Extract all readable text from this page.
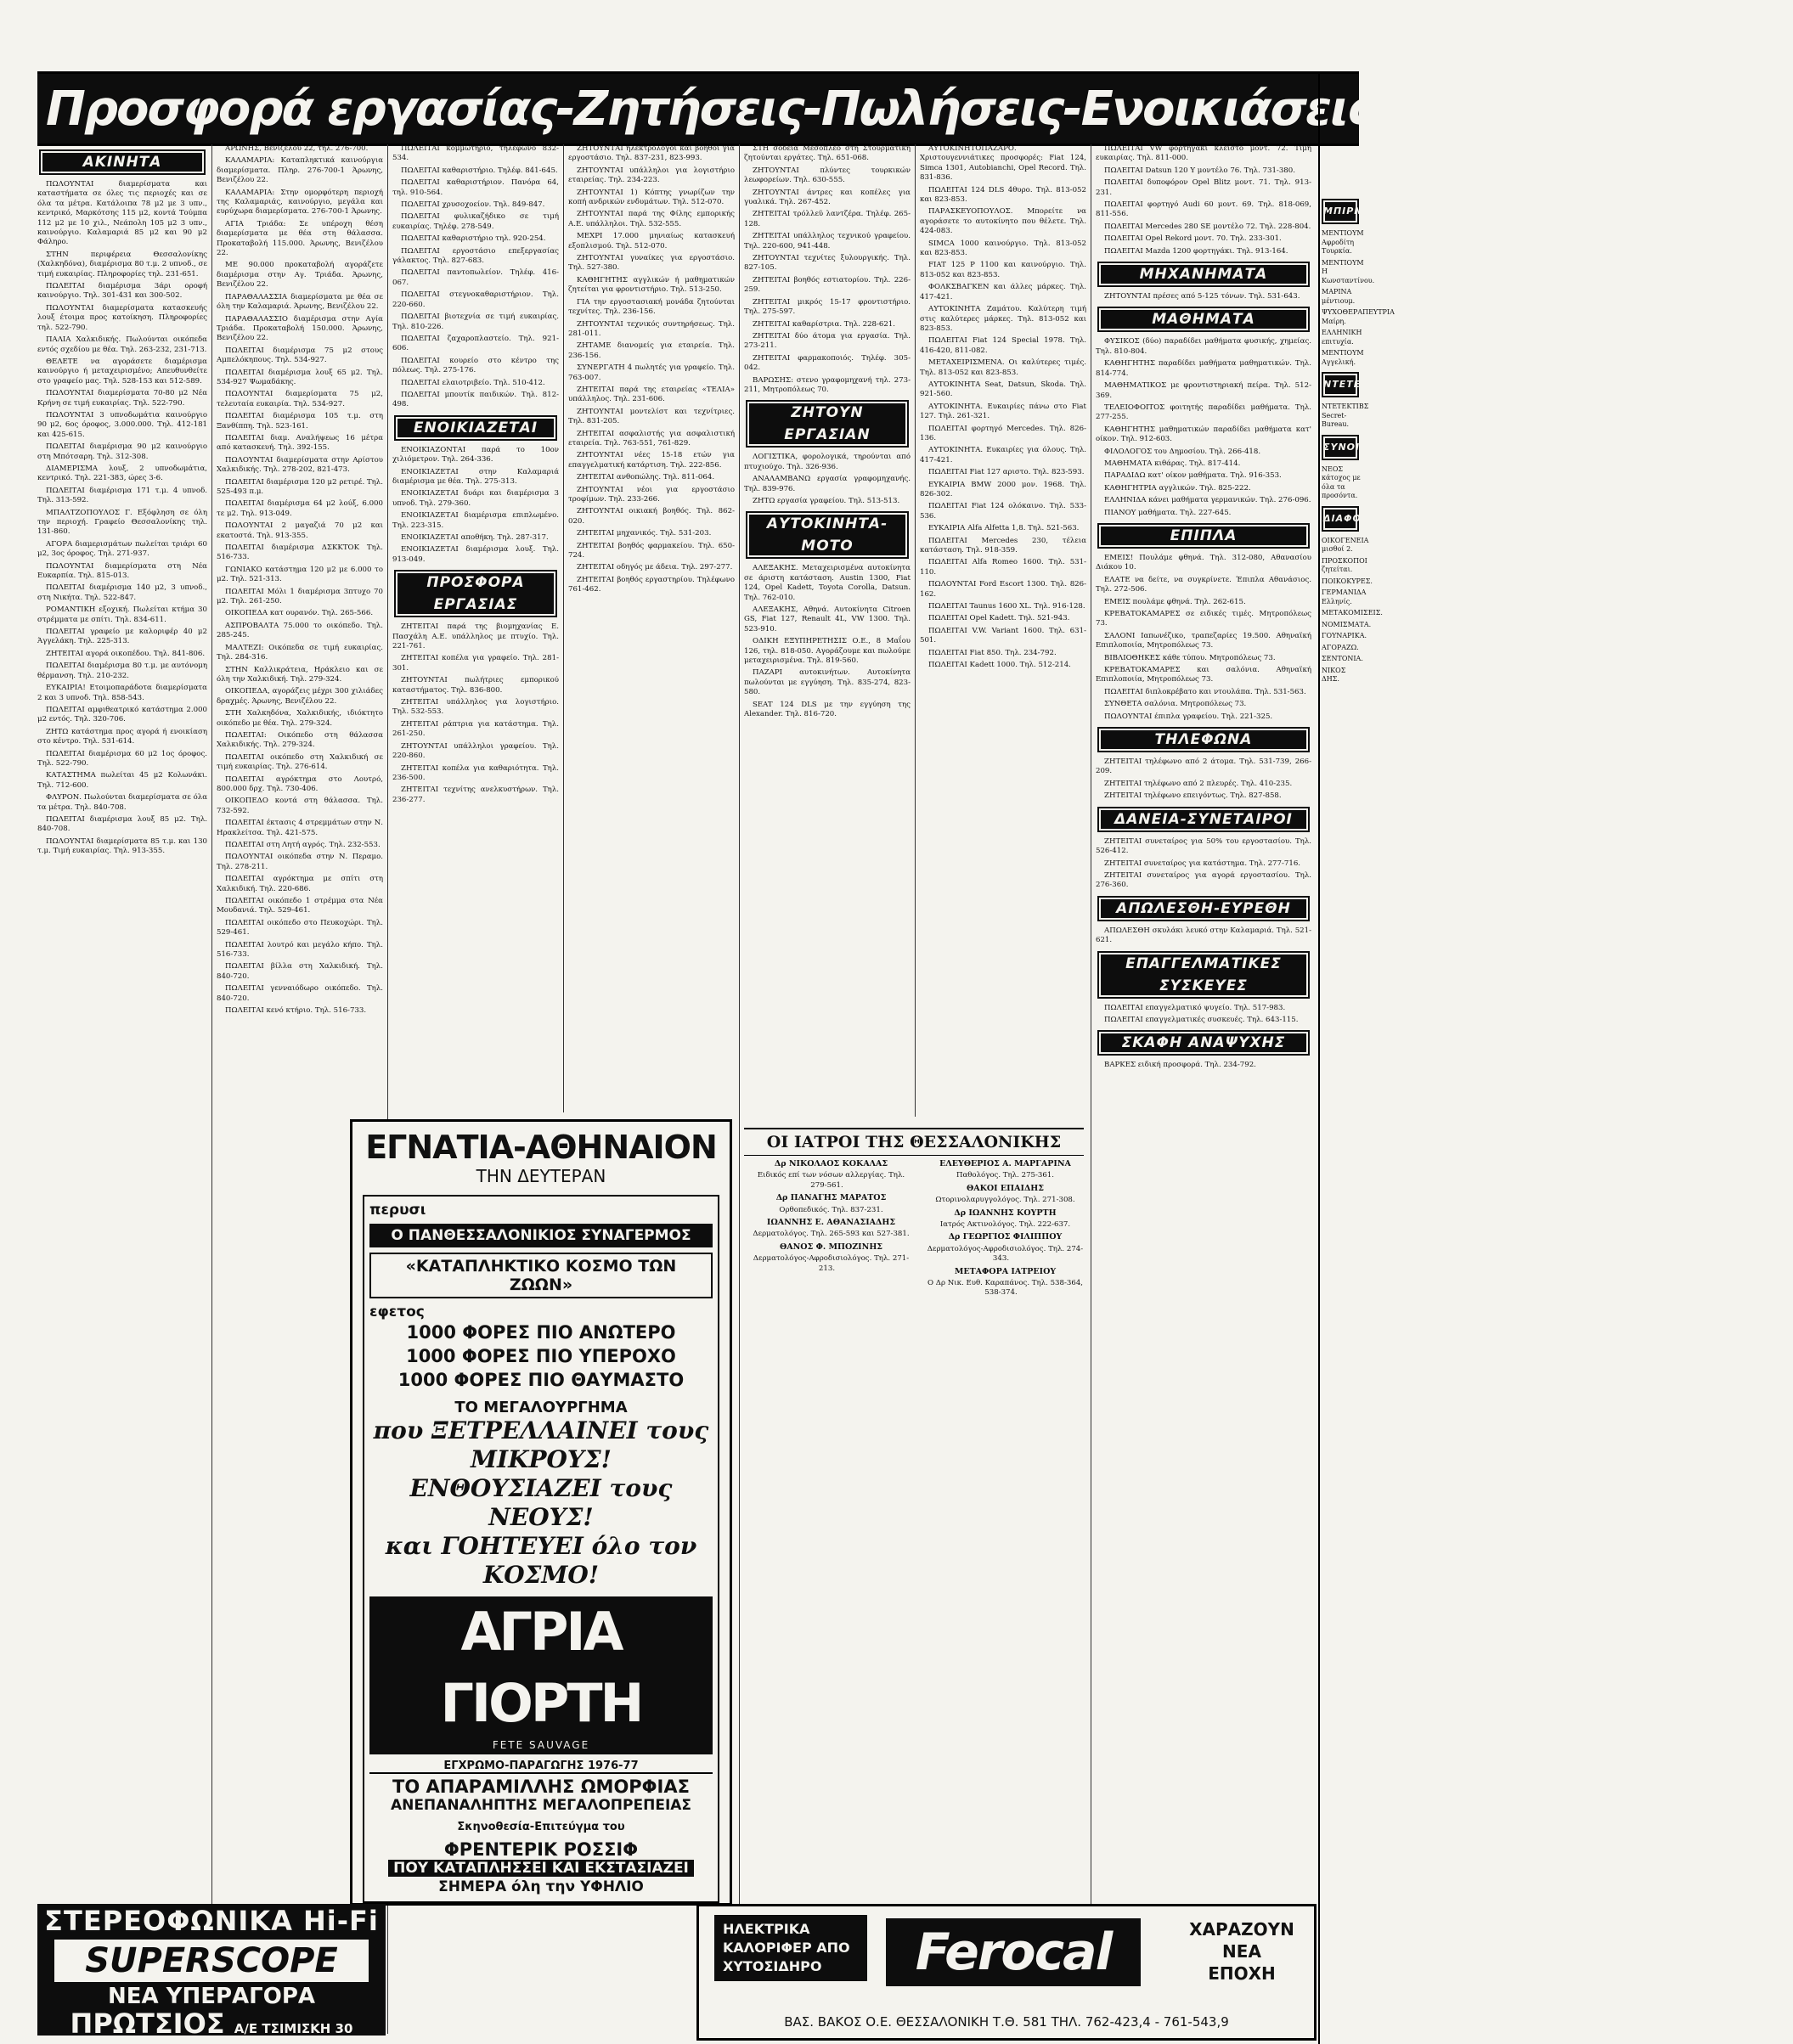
Προσφορά εργασίας-Ζητήσεις-Πωλήσεις-Ενοικιάσεις-Αγοραί-Ακίνητα
ΑΚΙΝΗΤΑ

ΠΩΛΟΥΝΤΑΙ διαμερίσματα και καταστήματα σε όλες τις περιοχές και σε όλα τα μέτρα. Κατάλοιπα 78 μ2 με 3 υπν., κεντρικό, Μαρκότσης 115 μ2, κοντά Τούμπα 112 μ2 με 10 χιλ., Νεάπολη 105 μ2 3 υπν., καινούργιο. Καλαμαριά 85 μ2 και 90 μ2 Φάληρο.

ΣΤΗΝ περιφέρεια Θεσσαλονίκης (Χαλκηδόνα), διαμέρισμα 80 τ.μ. 2 υπνοδ., σε τιμή ευκαιρίας. Πληροφορίες τηλ. 231-651.

ΠΩΛΕΙΤΑΙ διαμέρισμα 3άρι οροφή καινούργιο. Τηλ. 301-431 και 300-502.

ΠΩΛΟΥΝΤΑΙ διαμερίσματα κατασκευής λουξ έτοιμα προς κατοίκηση. Πληροφορίες τηλ. 522-790.

ΠΑΛΙΑ Χαλκιδικής. Πωλούνται οικόπεδα εντός σχεδίου με θέα. Τηλ. 263-232, 231-713.

ΘΕΛΕΤΕ να αγοράσετε διαμέρισμα καινούργιο ή μεταχειρισμένο; Απευθυνθείτε στο γραφείο μας. Τηλ. 528-153 και 512-589.

ΠΩΛΟΥΝΤΑΙ διαμερίσματα 70-80 μ2 Νέα Κρήνη σε τιμή ευκαιρίας. Τηλ. 522-790.

ΠΩΛΟΥΝΤΑΙ 3 υπνοδωμάτια καινούργιο 90 μ2, 6ος όροφος, 3.000.000. Τηλ. 412-181 και 425-615.

ΠΩΛΕΙΤΑΙ διαμέρισμα 90 μ2 καινούργιο στη Μπότσαρη. Τηλ. 312-308.

ΔΙΑΜΕΡΙΣΜΑ λουξ, 2 υπνοδωμάτια, κεντρικό. Τηλ. 221-383, ώρες 3-6.

ΠΩΛΕΙΤΑΙ διαμέρισμα 171 τ.μ. 4 υπνοδ. Τηλ. 313-592.

ΜΠΑΛΤΖΟΠΟΥΛΟΣ Γ. Εξόφληση σε όλη την περιοχή. Γραφείο Θεσσαλονίκης τηλ. 131-860.

ΑΓΟΡΑ διαμερισμάτων πωλείται τριάρι 60 μ2, 3ος όροφος. Τηλ. 271-937.

ΠΩΛΟΥΝΤΑΙ διαμερίσματα στη Νέα Ευκαρπία. Τηλ. 815-013.

ΠΩΛΕΙΤΑΙ διαμέρισμα 140 μ2, 3 υπνοδ., στη Νικήτα. Τηλ. 522-847.

ΡΟΜΑΝΤΙΚΗ εξοχική. Πωλείται κτήμα 30 στρέμματα με σπίτι. Τηλ. 834-611.

ΠΩΛΕΙΤΑΙ γραφείο με καλοριφέρ 40 μ2 Άγγελάκη. Τηλ. 225-313.

ΖΗΤΕΙΤΑΙ αγορά οικοπέδου. Τηλ. 841-806.

ΠΩΛΕΙΤΑΙ διαμέρισμα 80 τ.μ. με αυτόνομη θέρμανση. Τηλ. 210-232.

ΕΥΚΑΙΡΙΑ! Ετοιμοπαράδοτα διαμερίσματα 2 και 3 υπνοδ. Τηλ. 858-543.

ΠΩΛΕΙΤΑΙ αμφιθεατρικό κατάστημα 2.000 μ2 εντός. Τηλ. 320-706.

ΖΗΤΩ κατάστημα προς αγορά ή ενοικίαση στο κέντρο. Τηλ. 531-614.

ΠΩΛΕΙΤΑΙ διαμέρισμα 60 μ2 1ος όροφος. Τηλ. 522-790.

ΚΑΤΑΣΤΗΜΑ πωλείται 45 μ2 Κολωνάκι. Τηλ. 712-600.

ΦΛΥΡΟΝ. Πωλούνται διαμερίσματα σε όλα τα μέτρα. Τηλ. 840-708.

ΠΩΛΕΙΤΑΙ διαμέρισμα λουξ 85 μ2. Τηλ. 840-708.

ΠΩΛΟΥΝΤΑΙ διαμερίσματα 85 τ.μ. και 130 τ.μ. Τιμή ευκαιρίας. Τηλ. 913-355.

ΑΡΩΝΗΣ, Βενιζέλου 22, τηλ. 276-700.

ΚΑΛΑΜΑΡΙΑ: Καταπληκτικά καινούργια διαμερίσματα. Πληρ. 276-700-1 Άρωνης, Βενιζέλου 22.

ΚΑΛΑΜΑΡΙΑ: Στην ομορφότερη περιοχή της Καλαμαριάς, καινούργιο, μεγάλα και ευρύχωρα διαμερίσματα. 276-700-1 Άρωνης.

ΑΓΙΑ Τριάδα: Σε υπέροχη θέση διαμερίσματα με θέα στη θάλασσα. Προκαταβολή 115.000. Άρωνης, Βενιζέλου 22.

ΜΕ 90.000 προκαταβολή αγοράζετε διαμέρισμα στην Αγ. Τριάδα. Άρωνης, Βενιζέλου 22.

ΠΑΡΑΘΑΛΑΣΣΙΑ διαμερίσματα με θέα σε όλη την Καλαμαριά. Άρωνης, Βενιζέλου 22.

ΠΑΡΑΘΑΛΑΣΣΙΟ διαμέρισμα στην Αγία Τριάδα. Προκαταβολή 150.000. Άρωνης, Βενιζέλου 22.

ΠΩΛΕΙΤΑΙ διαμέρισμα 75 μ2 στους Αμπελόκηπους. Τηλ. 534-927.

ΠΩΛΕΙΤΑΙ διαμέρισμα λουξ 65 μ2. Τηλ. 534-927 Ψωμαδάκης.

ΠΩΛΟΥΝΤΑΙ διαμερίσματα 75 μ2, τελευταία ευκαιρία. Τηλ. 534-927.

ΠΩΛΕΙΤΑΙ διαμέρισμα 105 τ.μ. στη Ξανθίππη. Τηλ. 523-161.

ΠΩΛΕΙΤΑΙ διαμ. Αναλήψεως 16 μέτρα από κατασκευή. Τηλ. 392-155.

ΠΩΛΟΥΝΤΑΙ διαμερίσματα στην Αρίστου Χαλκιδικής. Τηλ. 278-202, 821-473.

ΠΩΛΕΙΤΑΙ διαμέρισμα 120 μ2 ρετιρέ. Τηλ. 525-493 π.μ.

ΠΩΛΕΙΤΑΙ διαμέρισμα 64 μ2 λούξ, 6.000 τε μ2. Τηλ. 913-049.

ΠΩΛΟΥΝΤΑΙ 2 μαγαζιά 70 μ2 και εκατοστά. Τηλ. 913-355.

ΠΩΛΕΙΤΑΙ διαμέρισμα ΔΣΚΚΤΟΚ Τηλ. 516-733.

ΓΩΝΙΑΚΟ κατάστημα 120 μ2 με 6.000 το μ2. Τηλ. 521-313.

ΠΩΛΕΙΤΑΙ Μόλι 1 διαμέρισμα 3πτυχο 70 μ2. Τηλ. 261-250.

ΟΙΚΟΠΕΔΑ κατ ουρανόν. Τηλ. 265-566.

ΑΣΠΡΟΒΑΛΤΑ 75.000 το οικόπεδο. Τηλ. 285-245.

ΜΑΛΤΕΖΙ: Οικόπεδα σε τιμή ευκαιρίας. Τηλ. 284-316.

ΣΤΗΝ Καλλικράτεια, Ηράκλειο και σε όλη την Χαλκιδική. Τηλ. 279-324.

ΟΙΚΟΠΕΔΑ, αγοράζεις μέχρι 300 χιλιάδες δραχμές. Άρωνης, Βενιζέλου 22.

ΣΤΗ Χαλκηδόνα, Χαλκιδικής, ιδιόκτητο οικόπεδο με θέα. Τηλ. 279-324.

ΠΩΛΕΙΤΑΙ: Οικόπεδο στη θάλασσα Χαλκιδικής. Τηλ. 279-324.

ΠΩΛΕΙΤΑΙ οικόπεδο στη Χαλκιδική σε τιμή ευκαιρίας. Τηλ. 276-614.

ΠΩΛΕΙΤΑΙ αγρόκτημα στο Λουτρό, 800.000 δρχ. Τηλ. 730-406.

ΟΙΚΟΠΕΔΟ κοντά στη θάλασσα. Τηλ. 732-592.

ΠΩΛΕΙΤΑΙ έκτασις 4 στρεμμάτων στην Ν. Ηρακλείτσα. Τηλ. 421-575.

ΠΩΛΕΙΤΑΙ στη Λητή αγρός. Τηλ. 232-553.

ΠΩΛΟΥΝΤΑΙ οικόπεδα στην Ν. Περαμο. Τηλ. 278-211.

ΠΩΛΕΙΤΑΙ αγρόκτημα με σπίτι στη Χαλκιδική. Τηλ. 220-686.

ΠΩΛΕΙΤΑΙ οικόπεδο 1 στρέμμα στα Νέα Μουδανιά. Τηλ. 529-461.

ΠΩΛΕΙΤΑΙ οικόπεδο στο Πευκοχώρι. Τηλ. 529-461.

ΠΩΛΕΙΤΑΙ λουτρό και μεγάλο κήπο. Τηλ. 516-733.

ΠΩΛΕΙΤΑΙ βίλλα στη Χαλκιδική. Τηλ. 840-720.

ΠΩΛΕΙΤΑΙ γενναιόδωρο οικόπεδο. Τηλ. 840-720.

ΠΩΛΕΙΤΑΙ κενό κτήριο. Τηλ. 516-733.

ΠΩΛΕΙΤΑΙ κομμωτήριο, τηλέφωνο 832-534.

ΠΩΛΕΙΤΑΙ καθαριστήριο. Τηλέφ. 841-645.

ΠΩΛΕΙΤΑΙ καθαριστήριον. Πανόρα 64, τηλ. 910-564.

ΠΩΛΕΙΤΑΙ χρυσοχοείον. Τηλ. 849-847.

ΠΩΛΕΙΤΑΙ φυλικαζήδικο σε τιμή ευκαιρίας. Τηλέφ. 278-549.

ΠΩΛΕΙΤΑΙ καθαριστήριο τηλ. 920-254.

ΠΩΛΕΙΤΑΙ εργοστάσιο επεξεργασίας γάλακτος. Τηλ. 827-683.

ΠΩΛΕΙΤΑΙ παντοπωλείον. Τηλέφ. 416-067.

ΠΩΛΕΙΤΑΙ στεγνοκαθαριστήριον. Τηλ. 220-660.

ΠΩΛΕΙΤΑΙ βιοτεχνία σε τιμή ευκαιρίας. Τηλ. 810-226.

ΠΩΛΕΙΤΑΙ ζαχαροπλαστείο. Τηλ. 921-606.

ΠΩΛΕΙΤΑΙ κουρείο στο κέντρο της πόλεως. Τηλ. 275-176.

ΠΩΛΕΙΤΑΙ ελαιοτριβείο. Τηλ. 510-412.

ΠΩΛΕΙΤΑΙ μπουτίκ παιδικών. Τηλ. 812-498.

ΕΝΟΙΚΙΑΖΕΤΑΙ

ΕΝΟΙΚΙΑΖΟΝΤΑΙ παρά το 10ον χιλιόμετρον. Τηλ. 264-336.

ΕΝΟΙΚΙΑΖΕΤΑΙ στην Καλαμαριά διαμέρισμα με θέα. Τηλ. 275-313.

ΕΝΟΙΚΙΑΖΕΤΑΙ δυάρι και διαμέρισμα 3 υπνοδ. Τηλ. 279-360.

ΕΝΟΙΚΙΑΖΕΤΑΙ διαμέρισμα επιπλωμένο. Τηλ. 223-315.

ΕΝΟΙΚΙΑΖΕΤΑΙ αποθήκη. Τηλ. 287-317.

ΕΝΟΙΚΙΑΖΕΤΑΙ διαμέρισμα λουξ. Τηλ. 913-049.

ΠΡΟΣΦΟΡΑ ΕΡΓΑΣΙΑΣ

ΖΗΤΕΙΤΑΙ παρά της βιομηχανίας Ε. Πασχάλη Α.Ε. υπάλληλος με πτυχίο. Τηλ. 221-761.

ΖΗΤΕΙΤΑΙ κοπέλα για γραφείο. Τηλ. 281-301.

ΖΗΤΟΥΝΤΑΙ πωλήτριες εμπορικού καταστήματος. Τηλ. 836-800.

ΖΗΤΕΙΤΑΙ υπάλληλος για λογιστήριο. Τηλ. 532-553.

ΖΗΤΕΙΤΑΙ ράπτρια για κατάστημα. Τηλ. 261-250.

ΖΗΤΟΥΝΤΑΙ υπάλληλοι γραφείου. Τηλ. 220-860.

ΖΗΤΕΙΤΑΙ κοπέλα για καθαριότητα. Τηλ. 236-500.

ΖΗΤΕΙΤΑΙ τεχνίτης ανελκυστήρων. Τηλ. 236-277.

ΖΗΤΟΥΝΤΑΙ ηλεκτρολόγοι και βοηθοί για εργοστάσιο. Τηλ. 837-231, 823-993.

ΖΗΤΟΥΝΤΑΙ υπάλληλοι για λογιστήριο εταιρείας. Τηλ. 234-223.

ΖΗΤΟΥΝΤΑΙ 1) Κόπτης γνωρίζων την κοπή ανδρικών ενδυμάτων. Τηλ. 512-070.

ΖΗΤΟΥΝΤΑΙ παρά της Φίλης εμπορικής Α.Ε. υπάλληλοι. Τηλ. 532-555.

ΜΕΧΡΙ 17.000 μηνιαίως κατασκευή εξοπλισμού. Τηλ. 512-070.

ΖΗΤΟΥΝΤΑΙ γυναίκες για εργοστάσιο. Τηλ. 527-380.

ΚΑΘΗΓΗΤΗΣ αγγλικών ή μαθηματικών ζητείται για φροντιστήριο. Τηλ. 513-250.

ΓΙΑ την εργοστασιακή μονάδα ζητούνται τεχνίτες. Τηλ. 236-156.

ΖΗΤΟΥΝΤΑΙ τεχνικός συντηρήσεως. Τηλ. 281-011.

ΖΗΤΑΜΕ διανομείς για εταιρεία. Τηλ. 236-156.

ΣΥΝΕΡΓΑΤΗ 4 πωλητές για γραφείο. Τηλ. 763-007.

ΖΗΤΕΙΤΑΙ παρά της εταιρείας «ΤΕΛΙΑ» υπάλληλος. Τηλ. 231-606.

ΖΗΤΟΥΝΤΑΙ μοντελίστ και τεχνίτριες. Τηλ. 831-205.

ΖΗΤΕΙΤΑΙ ασφαλιστής για ασφαλιστική εταιρεία. Τηλ. 763-551, 761-829.

ΖΗΤΟΥΝΤΑΙ νέες 15-18 ετών για επαγγελματική κατάρτιση. Τηλ. 222-856.

ΖΗΤΕΙΤΑΙ ανθοπώλης. Τηλ. 811-064.

ΖΗΤΟΥΝΤΑΙ νέοι για εργοστάσιο τροφίμων. Τηλ. 233-266.

ΖΗΤΟΥΝΤΑΙ οικιακή βοηθός. Τηλ. 862-020.

ΖΗΤΕΙΤΑΙ μηχανικός. Τηλ. 531-203.

ΖΗΤΕΙΤΑΙ βοηθός φαρμακείου. Τηλ. 650-724.

ΖΗΤΕΙΤΑΙ οδηγός με άδεια. Τηλ. 297-277.

ΖΗΤΕΙΤΑΙ βοηθός εργαστηρίου. Τηλέφωνο 761-462.

ΣΤΗ σοδειά Μεσοπλέο στη Στουρμάτικη ζητούνται εργάτες. Τηλ. 651-068.

ΖΗΤΟΥΝΤΑΙ πλύντες τουρκικών λεωφορείων. Τηλ. 630-555.

ΖΗΤΟΥΝΤΑΙ άντρες και κοπέλες για γυαλικά. Τηλ. 267-452.

ΖΗΤΕΙΤΑΙ τρόλλεϋ λαντζέρα. Τηλέφ. 265-128.

ΖΗΤΕΙΤΑΙ υπάλληλος τεχνικού γραφείου. Τηλ. 220-600, 941-448.

ΖΗΤΟΥΝΤΑΙ τεχνίτες ξυλουργικής. Τηλ. 827-105.

ΖΗΤΕΙΤΑΙ βοηθός εστιατορίου. Τηλ. 226-259.

ΖΗΤΕΙΤΑΙ μικρός 15-17 φροντιστήριο. Τηλ. 275-597.

ΖΗΤΕΙΤΑΙ καθαρίστρια. Τηλ. 228-621.

ΖΗΤΕΙΤΑΙ δύο άτομα για εργασία. Τηλ. 273-211.

ΖΗΤΕΙΤΑΙ φαρμακοποιός. Τηλέφ. 305-042.

ΒΑΡΩΣΗΣ: στενο γραφομηχανή τηλ. 273-211, Μητροπόλεως 70.

ΖΗΤΟΥΝ ΕΡΓΑΣΙΑΝ

ΛΟΓΙΣΤΙΚΑ, φορολογικά, τηρούνται από πτυχιούχο. Τηλ. 326-936.

ΑΝΑΛΑΜΒΑΝΩ εργασία γραφομηχανής. Τηλ. 839-976.

ΖΗΤΩ εργασία γραφείου. Τηλ. 513-513.

ΑΥΤΟΚΙΝΗΤΑ-ΜΟΤΟ

ΑΛΕΞΑΚΗΣ. Μεταχειρισμένα αυτοκίνητα σε άριστη κατάσταση. Austin 1300, Fiat 124, Opel Kadett, Toyota Corolla, Datsun. Τηλ. 762-010.

ΑΛΕΞΑΚΗΣ, Αθηνά. Αυτοκίνητα Citroen GS, Fiat 127, Renault 4L, VW 1300. Τηλ. 523-910.

ΟΔΙΚΗ ΕΞΥΠΗΡΕΤΗΣΙΣ Ο.Ε., 8 Μαΐου 126, τηλ. 818-050. Αγοράζουμε και πωλούμε μεταχειρισμένα. Τηλ. 819-560.

ΠΑΖΑΡΙ αυτοκινήτων. Αυτοκίνητα πωλούνται με εγγύηση. Τηλ. 835-274, 823-580.

SEAT 124 DLS με την εγγύηση της Alexander. Τηλ. 816-720.

ΟΙ ΙΑΤΡΟΙ ΤΗΣ ΘΕΣΣΑΛΟΝΙΚΗΣ

Δρ ΝΙΚΟΛΑΟΣ ΚΟΚΑΛΑΣ

Ειδικός επί των νόσων αλλεργίας. Τηλ. 279-561.

Δρ ΠΑΝΑΓΗΣ ΜΑΡΑΤΟΣ

Ορθοπεδικός. Τηλ. 837-231.

ΙΩΑΝΝΗΣ Ε. ΑΘΑΝΑΣΙΑΔΗΣ

Δερματολόγος. Τηλ. 265-593 και 527-381.

ΘΑΝΟΣ Φ. ΜΠΟΖΙΝΗΣ

Δερματολόγος-Αφροδισιολόγος. Τηλ. 271-213.

ΕΛΕΥΘΕΡΙΟΣ Α. ΜΑΡΓΑΡΙΝΑ

Παθολόγος. Τηλ. 275-361.

ΘΑΚΟΙ ΕΠΑΙΔΗΣ

Ωτορινολαρυγγολόγος. Τηλ. 271-308.

Δρ ΙΩΑΝΝΗΣ ΚΟΥΡΤΗ

Ιατρός Ακτινολόγος. Τηλ. 222-637.

Δρ ΓΕΩΡΓΙΟΣ ΦΙΛΙΠΠΟΥ

Δερματολόγος-Αφροδισιολόγος. Τηλ. 274-343.

ΜΕΤΑΦΟΡΑ ΙΑΤΡΕΙΟΥ

Ο Δρ Νικ. Ευθ. Καραπάνος. Τηλ. 538-364, 538-374.

ΑΥΤΟΚΙΝΗΤΟΠΑΖΑΡΟ. Χριστουγεννιάτικες προσφορές: Fiat 124, Simca 1301, Autobianchi, Opel Record. Τηλ. 831-836.

ΠΩΛΕΙΤΑΙ 124 DLS 4θυρο. Τηλ. 813-052 και 823-853.

ΠΑΡΑΣΚΕΥΟΠΟΥΛΟΣ. Μπορείτε να αγοράσετε το αυτοκίνητο που θέλετε. Τηλ. 424-083.

SIMCA 1000 καινούργιο. Τηλ. 813-052 και 823-853.

FIAT 125 P 1100 και καινούργιο. Τηλ. 813-052 και 823-853.

ΦΟΛΚΣΒΑΓΚΕΝ και άλλες μάρκες. Τηλ. 417-421.

ΑΥΤΟΚΙΝΗΤΑ Ζαμάτου. Καλύτερη τιμή στις καλύτερες μάρκες. Τηλ. 813-052 και 823-853.

ΠΩΛΕΙΤΑΙ Fiat 124 Special 1978. Τηλ. 416-420, 811-082.

ΜΕΤΑΧΕΙΡΙΣΜΕΝΑ. Οι καλύτερες τιμές. Τηλ. 813-052 και 823-853.

ΑΥΤΟΚΙΝΗΤΑ Seat, Datsun, Skoda. Τηλ. 921-560.

ΑΥΤΟΚΙΝΗΤΑ. Ευκαιρίες πάνω στο Fiat 127. Τηλ. 261-321.

ΠΩΛΕΙΤΑΙ φορτηγό Mercedes. Τηλ. 826-136.

ΑΥΤΟΚΙΝΗΤΑ. Ευκαιρίες για όλους. Τηλ. 417-421.

ΠΩΛΕΙΤΑΙ Fiat 127 αριστο. Τηλ. 823-593.

ΕΥΚΑΙΡΙΑ BMW 2000 μον. 1968. Τηλ. 826-302.

ΠΩΛΕΙΤΑΙ Fiat 124 ολόκαινο. Τηλ. 533-536.

ΕΥΚΑΙΡΙΑ Alfa Alfetta 1,8. Τηλ. 521-563.

ΠΩΛΕΙΤΑΙ Mercedes 230, τέλεια κατάσταση. Τηλ. 918-359.

ΠΩΛΕΙΤΑΙ Alfa Romeo 1600. Τηλ. 531-110.

ΠΩΛΟΥΝΤΑΙ Ford Escort 1300. Τηλ. 826-162.

ΠΩΛΕΙΤΑΙ Taunus 1600 XL. Τηλ. 916-128.

ΠΩΛΕΙΤΑΙ Opel Kadett. Τηλ. 521-943.

ΠΩΛΕΙΤΑΙ V.W. Variant 1600. Τηλ. 631-501.

ΠΩΛΕΙΤΑΙ Fiat 850. Τηλ. 234-792.

ΠΩΛΕΙΤΑΙ Kadett 1000. Τηλ. 512-214.

ΠΩΛΕΙΤΑΙ VW φορτηγάκι κλειστό μοντ. 72. Τιμή ευκαιρίας. Τηλ. 811-000.

ΠΩΛΕΙΤΑΙ Datsun 120 Y μοντέλο 76. Τηλ. 731-380.

ΠΩΛΕΙΤΑΙ δυποφόρον Opel Blitz μοντ. 71. Τηλ. 913-231.

ΠΩΛΕΙΤΑΙ φορτηγό Audi 60 μοντ. 69. Τηλ. 818-069, 811-556.

ΠΩΛΕΙΤΑΙ Mercedes 280 SE μοντέλο 72. Τηλ. 228-804.

ΠΩΛΕΙΤΑΙ Opel Rekord μοντ. 70. Τηλ. 233-301.

ΠΩΛΕΙΤΑΙ Mazda 1200 φορτηγάκι. Τηλ. 913-164.

ΜΗΧΑΝΗΜΑΤΑ

ΖΗΤΟΥΝΤΑΙ πρέσες από 5-125 τόνων. Τηλ. 531-643.

ΜΑΘΗΜΑΤΑ

ΦΥΣΙΚΟΣ (δύο) παραδίδει μαθήματα φυσικής, χημείας. Τηλ. 810-804.

ΚΑΘΗΓΗΤΗΣ παραδίδει μαθήματα μαθηματικών. Τηλ. 814-774.

ΜΑΘΗΜΑΤΙΚΟΣ με φροντιστηριακή πείρα. Τηλ. 512-369.

ΤΕΛΕΙΟΦΟΙΤΟΣ φοιτητής παραδίδει μαθήματα. Τηλ. 277-255.

ΚΑΘΗΓΗΤΗΣ μαθηματικών παραδίδει μαθήματα κατ' οίκον. Τηλ. 912-603.

ΦΙΛΟΛΟΓΟΣ του Δημοσίου. Τηλ. 266-418.

ΜΑΘΗΜΑΤΑ κιθάρας. Τηλ. 817-414.

ΠΑΡΑΔΙΔΩ κατ' οίκον μαθήματα. Τηλ. 916-353.

ΚΑΘΗΓΗΤΡΙΑ αγγλικών. Τηλ. 825-222.

ΕΛΛΗΝΙΔΑ κάνει μαθήματα γερμανικών. Τηλ. 276-096.

ΠΙΑΝΟΥ μαθήματα. Τηλ. 227-645.

ΕΠΙΠΛΑ

ΕΜΕΙΣ! Πουλάμε φθηνά. Τηλ. 312-080, Αθανασίου Διάκου 10.

ΕΛΑΤΕ να δείτε, να συγκρίνετε. Έπιπλα Αθανάσιος. Τηλ. 272-506.

ΕΜΕΙΣ πουλάμε φθηνά. Τηλ. 262-615.

ΚΡΕΒΑΤΟΚΑΜΑΡΕΣ σε ειδικές τιμές. Μητροπόλεως 73.

ΣΑΛΟΝΙ Ιαπωνέζικο, τραπεζαρίες 19.500. Αθηναϊκή Επιπλοποιία, Μητροπόλεως 73.

ΒΙΒΛΙΟΘΗΚΕΣ κάθε τύπου. Μητροπόλεως 73.

ΚΡΕΒΑΤΟΚΑΜΑΡΕΣ και σαλόνια. Αθηναϊκή Επιπλοποιία, Μητροπόλεως 73.

ΠΩΛΕΙΤΑΙ διπλοκρέβατο και ντουλάπα. Τηλ. 531-563.

ΣΥΝΘΕΤΑ σαλόνια. Μητροπόλεως 73.

ΠΩΛΟΥΝΤΑΙ έπιπλα γραφείου. Τηλ. 221-325.

ΤΗΛΕΦΩΝΑ

ΖΗΤΕΙΤΑΙ τηλέφωνο από 2 άτομα. Τηλ. 531-739, 266-209.

ΖΗΤΕΙΤΑΙ τηλέφωνο από 2 πλευρές. Τηλ. 410-235.

ΖΗΤΕΙΤΑΙ τηλέφωνο επειγόντως. Τηλ. 827-858.

ΔΑΝΕΙΑ-ΣΥΝΕΤΑΙΡΟΙ

ΖΗΤΕΙΤΑΙ συνεταίρος για 50% του εργοστασίου. Τηλ. 526-412.

ΖΗΤΕΙΤΑΙ συνεταίρος για κατάστημα. Τηλ. 277-716.

ΖΗΤΕΙΤΑΙ συνεταίρος για αγορά εργοστασίου. Τηλ. 276-360.

ΑΠΩΛΕΣΘΗ-ΕΥΡΕΘΗ

ΑΠΩΛΕΣΘΗ σκυλάκι λευκό στην Καλαμαριά. Τηλ. 521-621.

ΕΠΑΓΓΕΛΜΑΤΙΚΕΣ ΣΥΣΚΕΥΕΣ

ΠΩΛΕΙΤΑΙ επαγγελματικό ψυγείο. Τηλ. 517-983.

ΠΩΛΕΙΤΑΙ επαγγελματικές συσκευές. Τηλ. 643-115.

ΣΚΑΦΗ ΑΝΑΨΥΧΗΣ

ΒΑΡΚΕΣ ειδική προσφορά. Τηλ. 234-792.

ΜΠΙΡΝ

ΜΕΝΤΙΟΥΜ Αφροδίτη Τουρκία.

ΜΕΝΤΙΟΥΜ Η Κωνσταντίνου.

ΜΑΡΙΝΑ μέντιουμ.

ΨΥΧΟΘΕΡΑΠΕΥΤΡΙΑ Μαίρη.

ΕΛΛΗΝΙΚΗ επιτυχία.

ΜΕΝΤΙΟΥΜ Αγγελική.

ΝΤΕΤΕΚΤ

ΝΤΕΤΕΚΤΙΒΣ Secret-Bureau.

ΣΥΝΟΙΚ

ΝΕΟΣ κάτοχος με όλα τα προσόντα.

ΔΙΑΦΟ

ΟΙΚΟΓΕΝΕΙΑ μισθοί 2.

ΠΡΟΣΚΟΠΟΙ ζητείται.

ΠΟΙΚΟΚΥΡΕΣ.

ΓΕΡΜΑΝΙΔΑ Ελληνίς.

ΜΕΤΑΚΟΜΙΣΕΙΣ.

ΝΟΜΙΣΜΑΤΑ.

ΓΟΥΝΑΡΙΚΑ.

ΑΓΟΡΑΖΩ.

ΣΕΝΤΟΝΙΑ.

ΝΙΚΟΣ ΔΗΣ.

ΕΓΝΑΤΙΑ-ΑΘΗΝΑΙΟΝ
ΤΗΝ ΔΕΥΤΕΡΑΝ
περυσι
Ο ΠΑΝΘΕΣΣΑΛΟΝΙΚΙΟΣ ΣΥΝΑΓΕΡΜΟΣ
«ΚΑΤΑΠΛΗΚΤΙΚΟ ΚΟΣΜΟ ΤΩΝ ΖΩΩΝ»
εφετος
1000 ΦΟΡΕΣ ΠΙΟ ΑΝΩΤΕΡΟ
1000 ΦΟΡΕΣ ΠΙΟ ΥΠΕΡΟΧΟ
1000 ΦΟΡΕΣ ΠΙΟ ΘΑΥΜΑΣΤΟ
ΤΟ ΜΕΓΑΛΟΥΡΓΗΜΑ
που ΞΕΤΡΕΛΛΑΙΝΕΙ τους ΜΙΚΡΟΥΣ!
ΕΝΘΟΥΣΙΑΖΕΙ τους ΝΕΟΥΣ!
και ΓΟΗΤΕΥΕΙ όλο τον ΚΟΣΜΟ!
ΑΓΡΙΑ ΓΙΟΡΤΗ
FETE SAUVAGE
ΕΓΧΡΩΜΟ-ΠΑΡΑΓΩΓΗΣ 1976-77
ΤΟ ΑΠΑΡΑΜΙΛΛΗΣ ΩΜΟΡΦΙΑΣ
ΑΝΕΠΑΝΑΛΗΠΤΗΣ ΜΕΓΑΛΟΠΡΕΠΕΙΑΣ
Σκηνοθεσία-Επιτεύγμα του
ΦΡΕΝΤΕΡΙΚ ΡΟΣΣΙΦ
ΠΟΥ ΚΑΤΑΠΛΗΣΣΕΙ ΚΑΙ ΕΚΣΤΑΣΙΑΖΕΙ
ΣΗΜΕΡΑ όλη την ΥΦΗΛΙΟ
ΣΤΕΡΕΟΦΩΝΙΚΑ Hi-Fi
SUPERSCOPE
ΝΕΑ ΥΠΕΡΑΓΟΡΑ
ΠΡΩΤΣΙΟΣ Α/Ε ΤΣΙΜΙΣΚΗ 30
ΗΛΕΚΤΡΙΚΑ ΚΑΛΟΡΙΦΕΡ ΑΠΟ ΧΥΤΟΣΙΔΗΡΟ	Ferocal	ΧΑΡΑΖΟΥΝ ΝΕΑ ΕΠΟΧΗ
ΒΑΣ. ΒΑΚΟΣ Ο.Ε. ΘΕΣΣΑΛΟΝΙΚΗ Τ.Θ. 581 ΤΗΛ. 762-423,4 - 761-543,9
